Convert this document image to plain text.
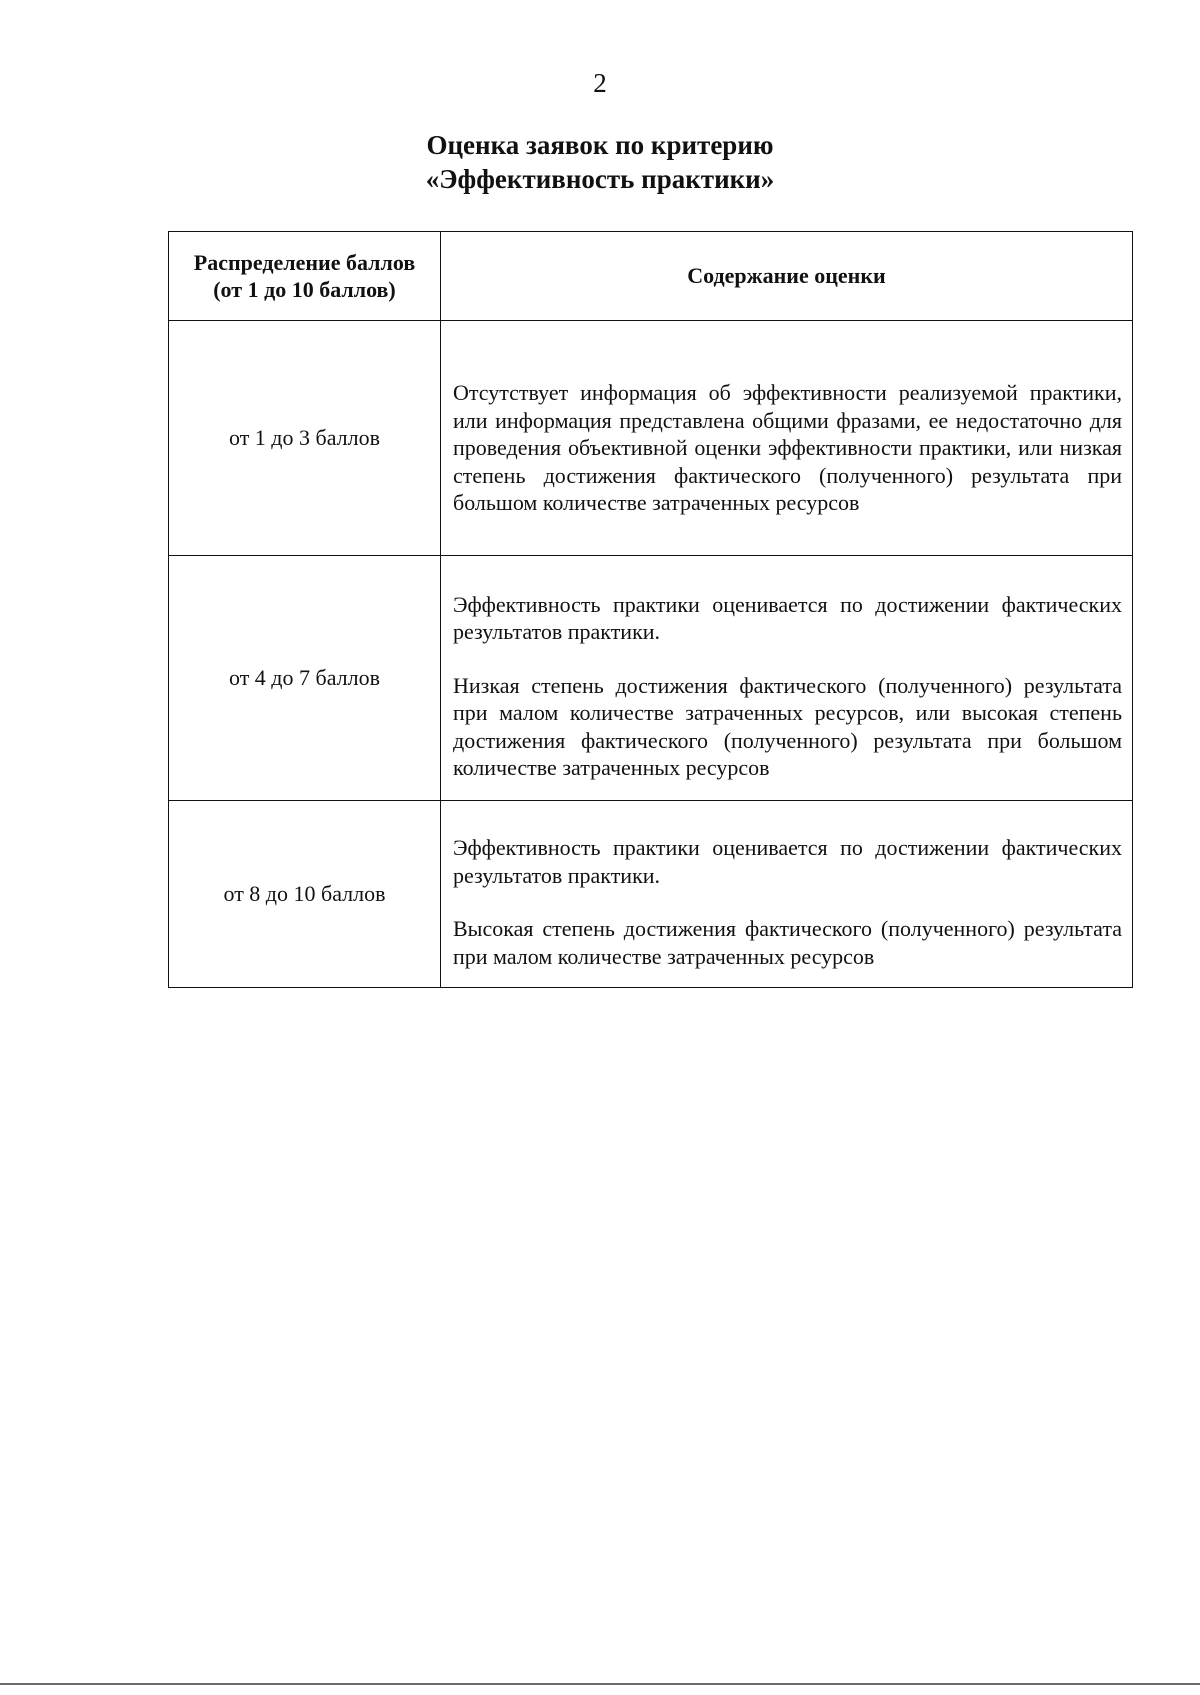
2
Оценка заявок по критерию
«Эффективность практики»
Распределение баллов
(от 1 до 10 баллов)	Содержание оценки
от 1 до 3 баллов	Отсутствует информация об эффективности реализуемой практики, или информация представлена общими фразами, ее недостаточно для проведения объективной оценки эффективности практики, или низкая степень достижения фактического (полученного) результата при большом количестве затраченных ресурсов

от 4 до 7 баллов	Эффективность практики оценивается по достижении фактических результатов практики.

Низкая степень достижения фактического (полученного) результата при малом количестве затраченных ресурсов, или высокая степень достижения фактического (полученного) результата при большом количестве затраченных ресурсов

от 8 до 10 баллов	Эффективность практики оценивается по достижении фактических результатов практики.

Высокая степень достижения фактического (полученного) результата при малом количестве затраченных ресурсов
